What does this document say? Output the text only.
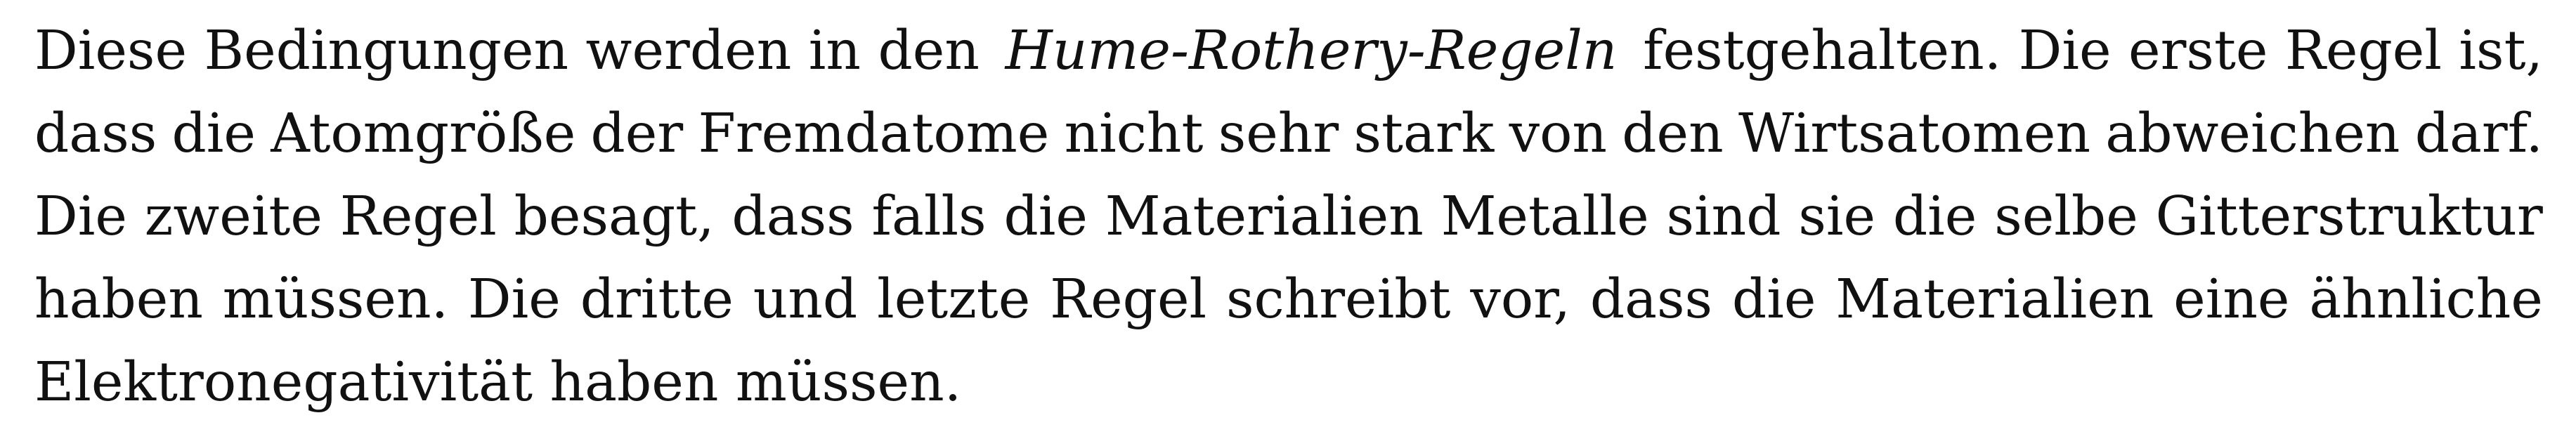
Diese Bedingungen werden in den Hume-Rothery-Regeln festgehalten. Die erste Regel ist,
dass die Atomgröße der Fremdatome nicht sehr stark von den Wirtsatomen abweichen darf.
Die zweite Regel besagt, dass falls die Materialien Metalle sind sie die selbe Gitterstruktur
haben müssen. Die dritte und letzte Regel schreibt vor, dass die Materialien eine ähnliche
Elektronegativität haben müssen.
